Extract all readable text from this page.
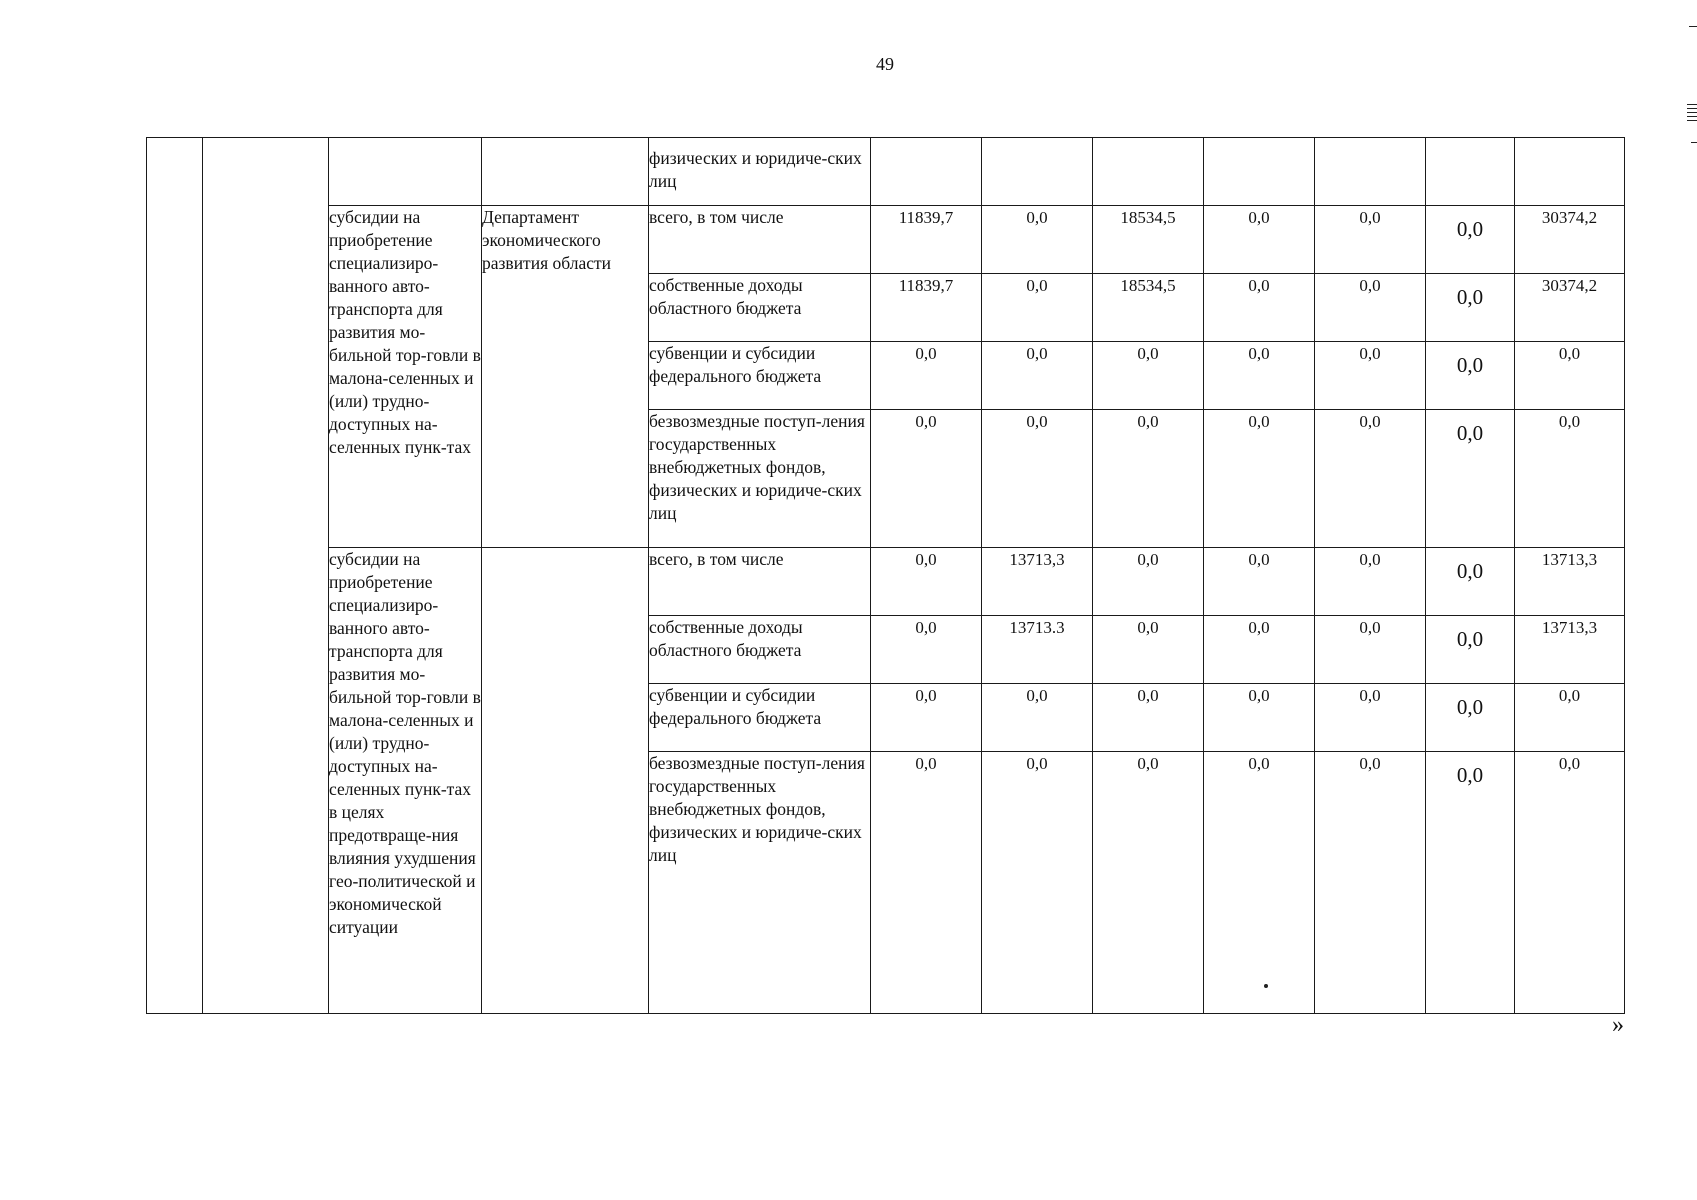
49
				физических и юридиче-ских лиц							
		субсидии на приобретение специализиро-ванного авто-транспорта для развития мо-бильной тор-говли в малона-селенных и (или) трудно-доступных на-селенных пунк-тах	Департамент экономического развития области	всего, в том числе	11839,7	0,0	18534,5	0,0	0,0	0,0	30374,2
				собственные доходы областного бюджета	11839,7	0,0	18534,5	0,0	0,0	0,0	30374,2
				субвенции и субсидии федерального бюджета	0,0	0,0	0,0	0,0	0,0	0,0	0,0
				безвозмездные поступ-ления государственных внебюджетных фондов, физических и юридиче-ских лиц	0,0	0,0	0,0	0,0	0,0	0,0	0,0
		субсидии на приобретение специализиро-ванного авто-транспорта для развития мо-бильной тор-говли в малона-селенных и (или) трудно-доступных на-селенных пунк-тах в целях предотвраще-ния влияния ухудшения гео-политической и экономической ситуации		всего, в том числе	0,0	13713,3	0,0	0,0	0,0	0,0	13713,3
				собственные доходы областного бюджета	0,0	13713.3	0,0	0,0	0,0	0,0	13713,3
				субвенции и субсидии федерального бюджета	0,0	0,0	0,0	0,0	0,0	0,0	0,0
				безвозмездные поступ-ления государственных внебюджетных фондов, физических и юридиче-ских лиц	0,0	0,0	0,0	0,0	0,0	0,0	0,0
»
